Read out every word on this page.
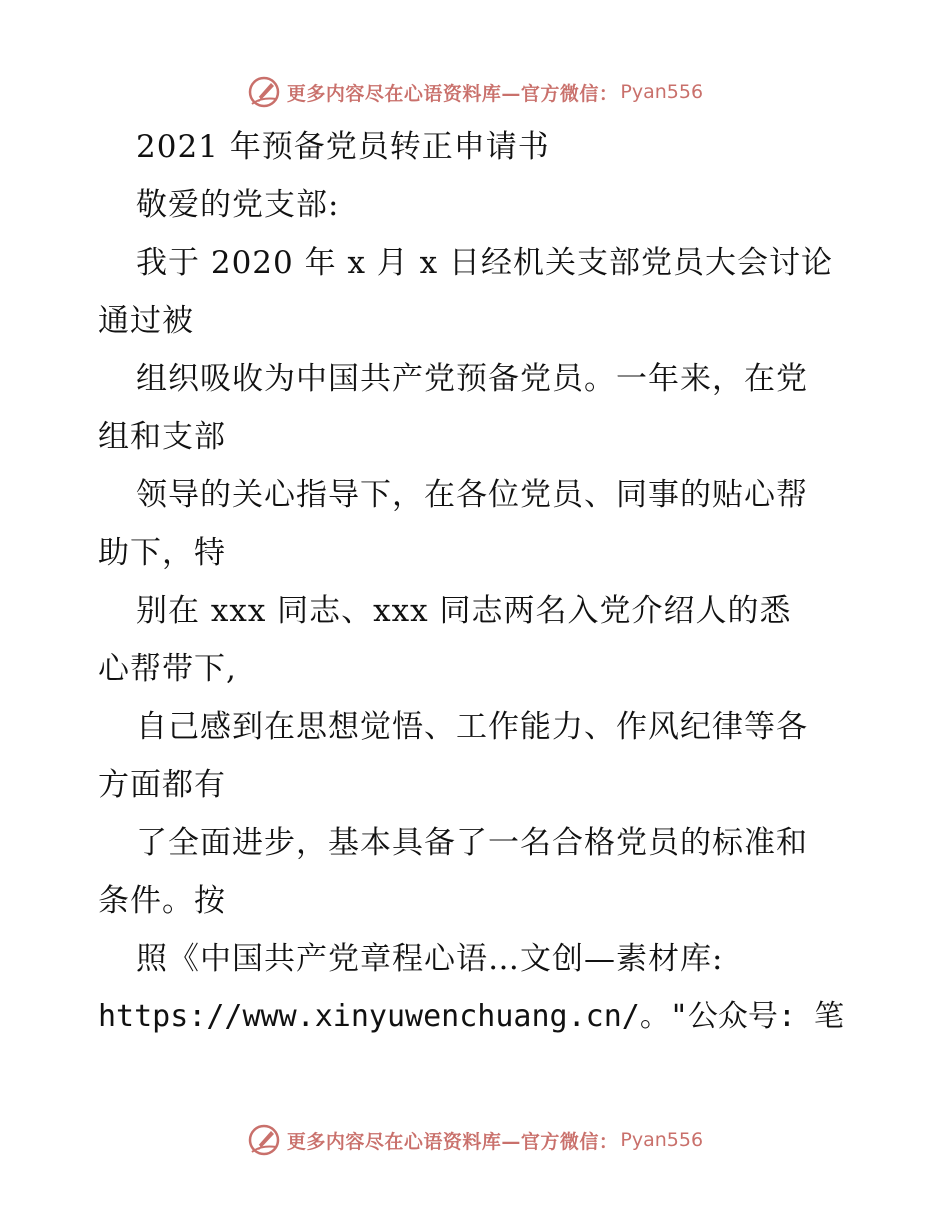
更多内容尽在心语资料库—官方微信： Pyan556
2021 年预备党员转正申请书
敬爱的党支部:
我于 2020 年 x 月 x 日经机关支部党员大会讨论
通过被
组织吸收为中国共产党预备党员。一年来，在党
组和支部
领导的关心指导下，在各位党员、同事的贴心帮
助下，特
别在 xxx 同志、xxx 同志两名入党介绍人的悉
心帮带下,
自己感到在思想觉悟、工作能力、作风纪律等各
方面都有
了全面进步，基本具备了一名合格党员的标准和
条件。按
照《中国共产党章程心语…文创—素材库:
https://www.xinyuwenchuang.cn/。"公众号: 笔
更多内容尽在心语资料库—官方微信： Pyan556
